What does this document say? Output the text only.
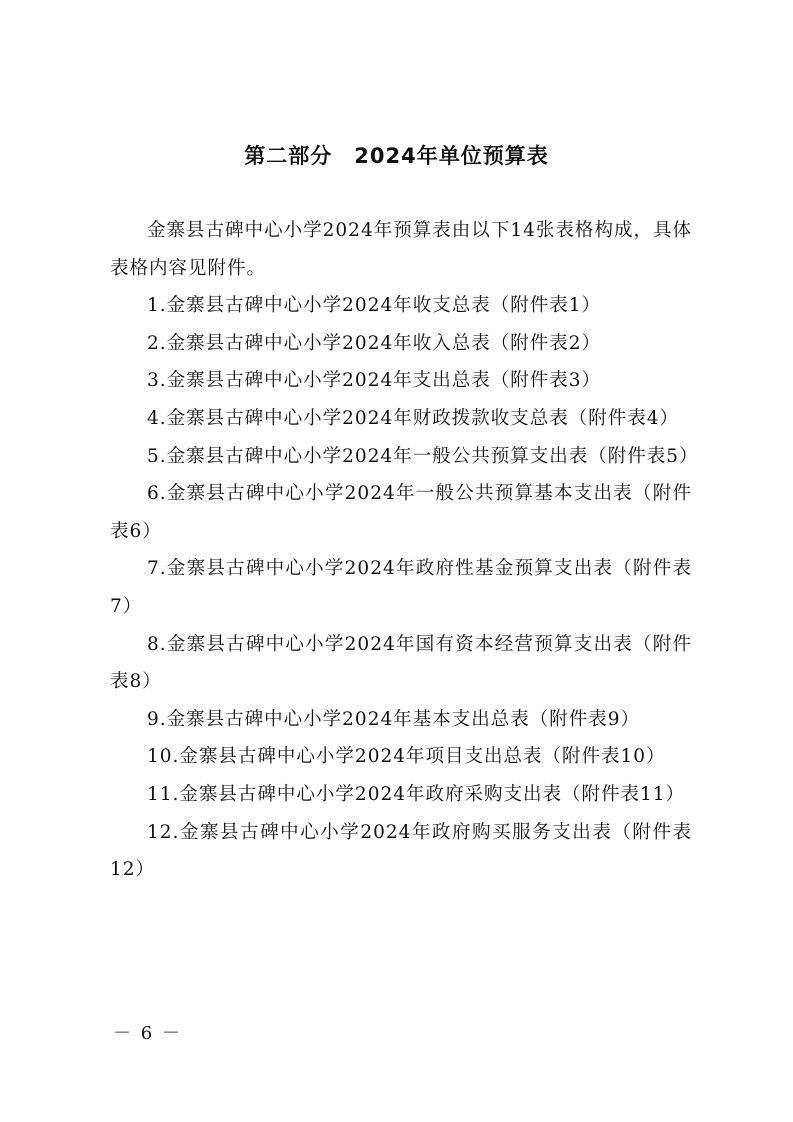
第二部分　2024年单位预算表

金寨县古碑中心小学2024年预算表由以下14张表格构成，具体表格内容见附件。

1.金寨县古碑中心小学2024年收支总表（附件表1）

2.金寨县古碑中心小学2024年收入总表（附件表2）

3.金寨县古碑中心小学2024年支出总表（附件表3）

4.金寨县古碑中心小学2024年财政拨款收支总表（附件表4）

5.金寨县古碑中心小学2024年一般公共预算支出表（附件表5）

6.金寨县古碑中心小学2024年一般公共预算基本支出表（附件表6）

7.金寨县古碑中心小学2024年政府性基金预算支出表（附件表7）

8.金寨县古碑中心小学2024年国有资本经营预算支出表（附件表8）

9.金寨县古碑中心小学2024年基本支出总表（附件表9）

10.金寨县古碑中心小学2024年项目支出总表（附件表10）

11.金寨县古碑中心小学2024年政府采购支出表（附件表11）

12.金寨县古碑中心小学2024年政府购买服务支出表（附件表12）

－ 6 －
